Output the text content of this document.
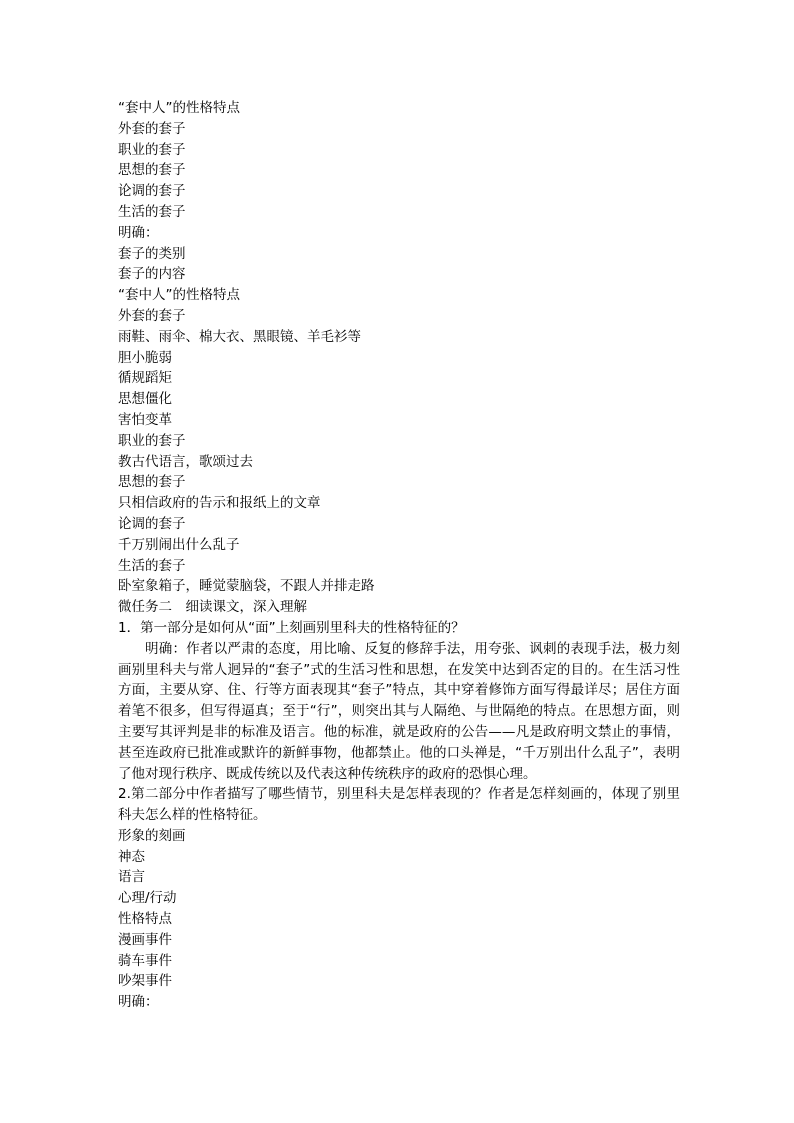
“套中人”的性格特点
外套的套子
职业的套子
思想的套子
论调的套子
生活的套子
明确：
套子的类别
套子的内容
“套中人”的性格特点
外套的套子
雨鞋、雨伞、棉大衣、黑眼镜、羊毛衫等
胆小脆弱
循规蹈矩
思想僵化
害怕变革
职业的套子
教古代语言，歌颂过去
思想的套子
只相信政府的告示和报纸上的文章
论调的套子
千万别闹出什么乱子
生活的套子
卧室象箱子，睡觉蒙脑袋，不跟人并排走路
微任务二　细读课文，深入理解
1．第一部分是如何从“面”上刻画别里科夫的性格特征的？
明确：作者以严肃的态度，用比喻、反复的修辞手法，用夸张、讽刺的表现手法，极力刻画别里科夫与常人迥异的“套子”式的生活习性和思想，在发笑中达到否定的目的。在生活习性方面，主要从穿、住、行等方面表现其“套子”特点，其中穿着修饰方面写得最详尽；居住方面着笔不很多，但写得逼真；至于“行”，则突出其与人隔绝、与世隔绝的特点。在思想方面，则主要写其评判是非的标准及语言。他的标准，就是政府的公告——凡是政府明文禁止的事情，甚至连政府已批准或默许的新鲜事物，他都禁止。他的口头禅是，“千万别出什么乱子”，表明了他对现行秩序、既成传统以及代表这种传统秩序的政府的恐惧心理。
2.第二部分中作者描写了哪些情节，别里科夫是怎样表现的？作者是怎样刻画的，体现了别里科夫怎么样的性格特征。
形象的刻画
神态
语言
心理/行动
性格特点
漫画事件
骑车事件
吵架事件
明确：
